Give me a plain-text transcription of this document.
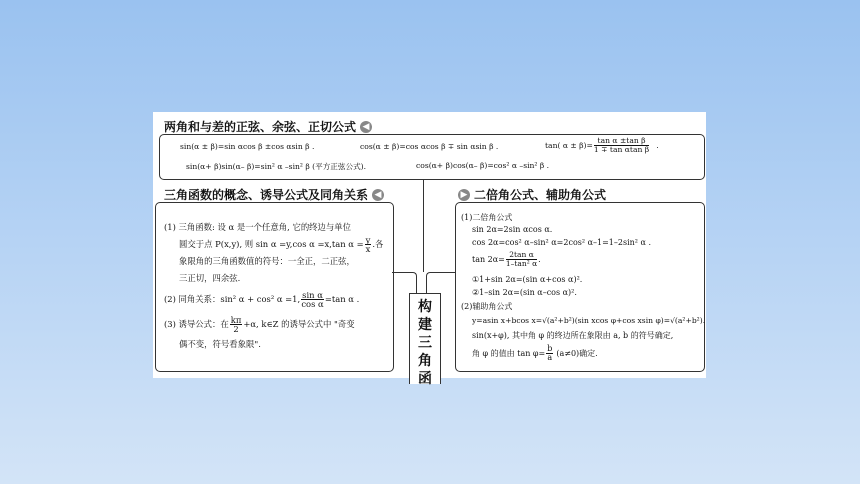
两角和与差的正弦、余弦、正切公式 ◀
sin(α ± β)=sin αcos β ±cos αsin β .	cos(α ± β)=cos αcos β ∓ sin αsin β .	tan( $\alpha \pm \beta)= \frac{\text{tan α ±tan β}}{\text{1 ∓ tan αtan β}}$ .
sin(α+ β)sin(α– β)=sin² α –sin² β (平方正弦公式).	cos(α+ β)cos(α– β)=cos² α –sin² β .
三角函数的概念、诱导公式及同角关系 ◀	▶ 二倍角公式、辅助角公式
(1) 三角函数: 设 α 是一个任意角, 它的终边与单位
圆交于点 P(x,y), 则 sin α =y,cos α =x,tan $\alpha = \frac{y}{x}$ .各
象限角的三角函数值的符号：一全正，二正弦，
三正切，四余弦.
(2) 同角关系：sin² α + cos² α =1, $\frac{\text{sin α}}{\text{cos α}} =\tan$ α .
(3) 诱导公式：在 $\frac{k\pi}{2} +\alpha$, k∈Z 的诱导公式中 "奇变
偶不变，符号看象限".
(1)二倍角公式
sin 2α=2sin αcos α.
cos 2α=cos² α–sin² α=2cos² α–1=1–2sin² α .
$\tan 2\alpha= \frac{\text{2tan α}}{\text{1–tan² α}}$ .
①1+sin 2α=(sin α+cos α)².
②1–sin 2α=(sin α–cos α)².
(2)辅助角公式
y=asin x+bcos x=√(a²+b²)(sin xcos φ+cos xsin φ)=√(a²+b²).
sin(x+φ), 其中角 φ 的终边所在象限由 a, b 的符号确定,
角 φ 的值由 $\tan \varphi= \frac{b}{a} (a\ne 0)$确定.
构
建
三
角
函
